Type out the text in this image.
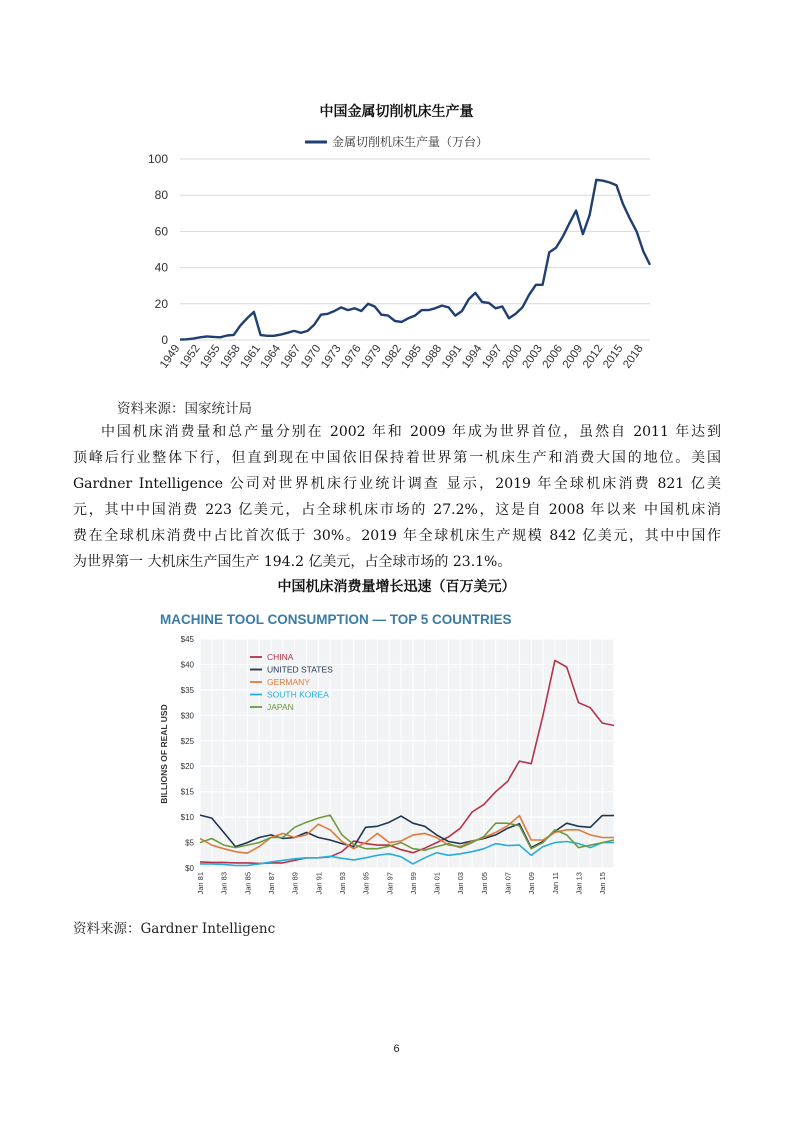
中国金属切削机床生产量
0
20
40
60
80
100
1949
1952
1955
1958
1961
1964
1967
1970
1973
1976
1979
1982
1985
1988
1991
1994
1997
2000
2003
2006
2009
2012
2015
2018
金属切削机床生产量（万台）
资料来源：国家统计局
中国机床消费量和总产量分别在 2002 年和 2009 年成为世界首位，虽然自 2011 年达到
顶峰后行业整体下行，但直到现在中国依旧保持着世界第一机床生产和消费大国的地位。美国
Gardner Intelligence 公司对世界机床行业统计调查 显示，2019 年全球机床消费 821 亿美
元，其中中国消费 223 亿美元，占全球机床市场的 27.2%，这是自 2008 年以来 中国机床消
费在全球机床消费中占比首次低于 30%。2019 年全球机床生产规模 842 亿美元，其中中国作
为世界第一 大机床生产国生产 194.2 亿美元，占全球市场的 23.1%。
中国机床消费量增长迅速（百万美元）
MACHINE TOOL CONSUMPTION — TOP 5 COUNTRIES
$0
$5
$10
$15
$20
$25
$30
$35
$40
$45
Jan 81 Jan 83 Jan 85 Jan 87 Jan 89 Jan 91 Jan 93 Jan 95 Jan 97 Jan 99 Jan 01 Jan 03 Jan 05 Jan 07 Jan 09 Jan 11 Jan 13 Jan 15
BILLIONS OF REAL USD
CHINA
UNITED STATES
GERMANY
SOUTH KOREA
JAPAN
资料来源：Gardner Intelligenc
6
